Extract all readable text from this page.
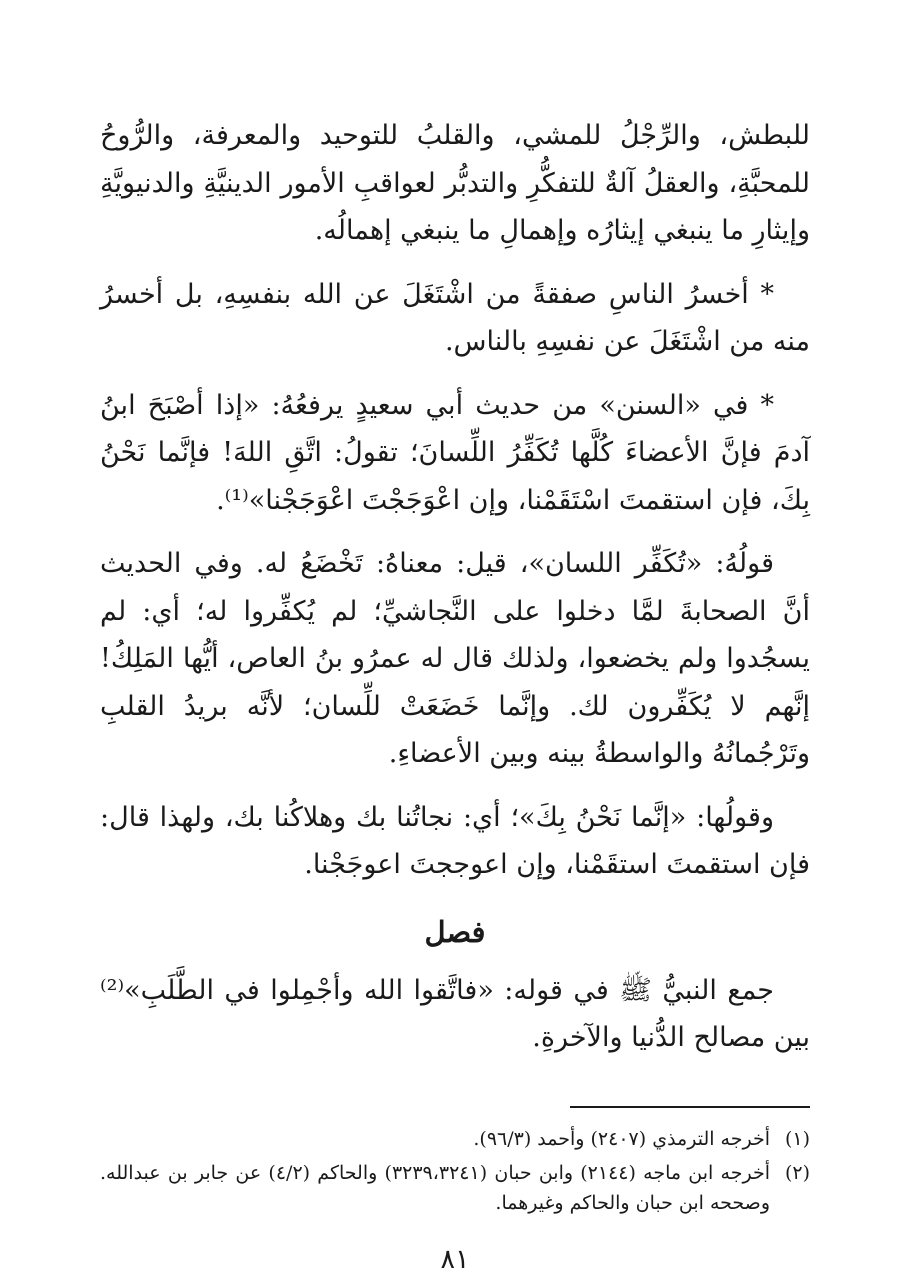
للبطش، والرِّجْلُ للمشي، والقلبُ للتوحيد والمعرفة، والرُّوحُ للمحبَّةِ، والعقلُ آلةٌ للتفكُّرِ والتدبُّر لعواقبِ الأمور الدينيَّةِ والدنيويَّةِ وإيثارِ ما ينبغي إيثارُه وإهمالِ ما ينبغي إهمالُه.

* أخسرُ الناسِ صفقةً من اشْتَغَلَ عن الله بنفسِهِ، بل أخسرُ منه من اشْتَغَلَ عن نفسِهِ بالناس.

* في «السنن» من حديث أبي سعيدٍ يرفعُهُ: «إذا أصْبَحَ ابنُ آدمَ فإنَّ الأعضاءَ كُلَّها تُكَفِّرُ اللِّسانَ؛ تقولُ: اتَّقِ اللهَ! فإنَّما نَحْنُ بِكَ، فإن استقمتَ اسْتَقَمْنا، وإن اعْوَجَجْتَ اعْوَجَجْنا»⁽¹⁾.

قولُهُ: «تُكَفِّر اللسان»، قيل: معناهُ: تَخْضَعُ له. وفي الحديث أنَّ الصحابةَ لمَّا دخلوا على النَّجاشيِّ؛ لم يُكفِّروا له؛ أي: لم يسجُدوا ولم يخضعوا، ولذلك قال له عمرُو بنُ العاص، أيُّها المَلِكُ! إنَّهم لا يُكَفِّرون لك. وإنَّما خَضَعَتْ للِّسان؛ لأنَّه بريدُ القلبِ وتَرْجُمانُهُ والواسطةُ بينه وبين الأعضاءِ.

وقولُها: «إنَّما نَحْنُ بِكَ»؛ أي: نجاتُنا بك وهلاكُنا بك، ولهذا قال: فإن استقمتَ استقَمْنا، وإن اعوججتَ اعوجَجْنا.

فصل

جمع النبيُّ ﷺ في قوله: «فاتَّقوا الله وأجْمِلوا في الطَّلَبِ»⁽²⁾ بين مصالح الدُّنيا والآخرةِ.

(١)
أخرجه الترمذي (٢٤٠٧) وأحمد (٩٦/٣).
(٢)
أخرجه ابن ماجه (٢١٤٤) وابن حبان (٣٢٣٩،٣٢٤١) والحاكم (٤/٢) عن جابر بن عبدالله. وصححه ابن حبان والحاكم وغيرهما.
٨١
